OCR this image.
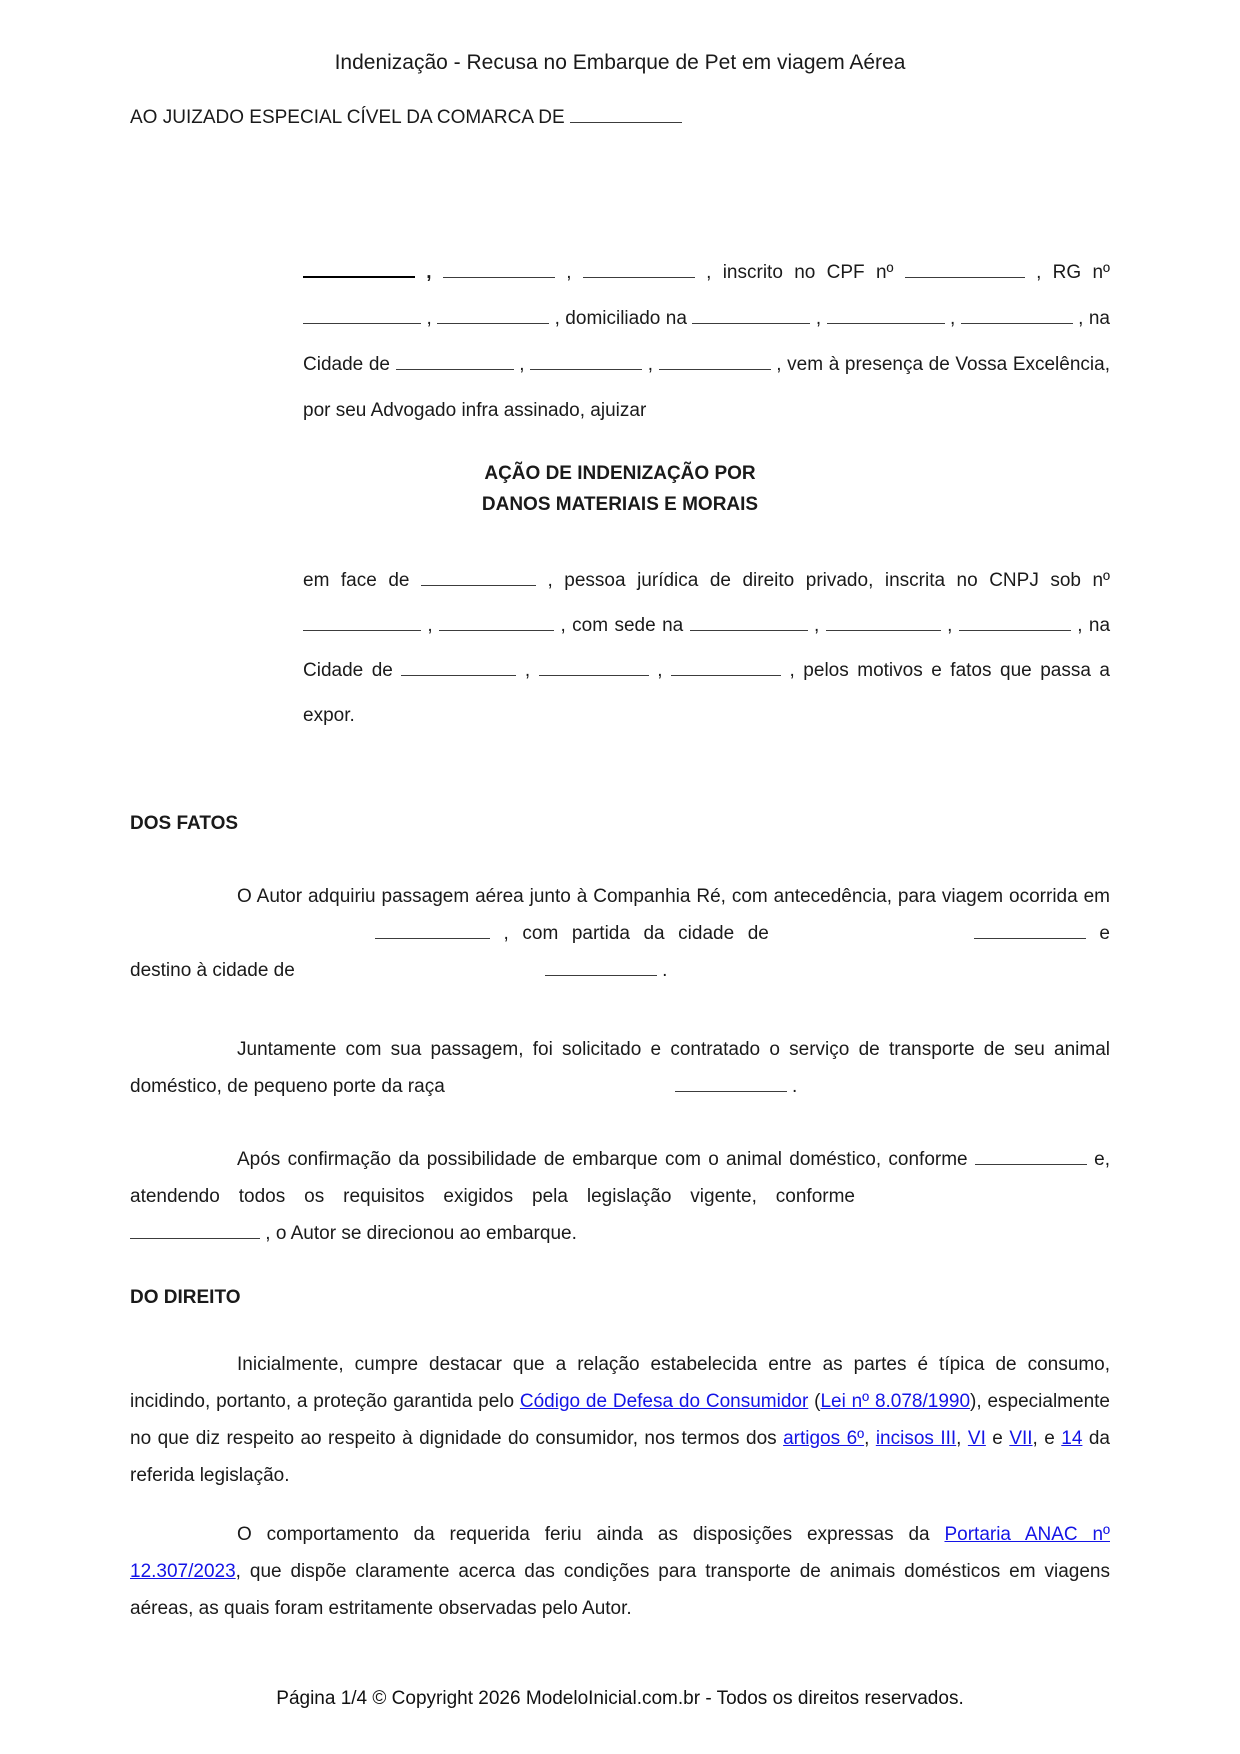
Indenização - Recusa no Embarque de Pet em viagem Aérea
AO JUIZADO ESPECIAL CÍVEL DA COMARCA DE
,	,	, inscrito no CPF nº	, RG nº  ,	, domiciliado na	,	,	, na Cidade de	,	,	, vem à presença de Vossa Excelência, por seu Advogado infra assinado, ajuizar
AÇÃO DE INDENIZAÇÃO POR
DANOS MATERIAIS E MORAIS
em face de	, pessoa jurídica de direito privado, inscrita no CNPJ sob nº  ,	, com sede na	,	,	, na Cidade de	,	,	, pelos motivos e fatos que passa a expor.
DOS FATOS
O Autor adquiriu passagem aérea junto à Companhia Ré, com antecedência, para viagem ocorrida em , com partida da cidade de	e destino à cidade de	.
Juntamente com sua passagem, foi solicitado e contratado o serviço de transporte de seu animal doméstico, de pequeno porte da raça	.
Após confirmação da possibilidade de embarque com o animal doméstico, conforme	e, atendendo todos os requisitos exigidos pela legislação vigente, conforme , o Autor se direcionou ao embarque.
DO DIREITO
Inicialmente, cumpre destacar que a relação estabelecida entre as partes é típica de consumo, incidindo, portanto, a proteção garantida pelo Código de Defesa do Consumidor (Lei nº 8.078/1990), especialmente no que diz respeito ao respeito à dignidade do consumidor, nos termos dos artigos 6º, incisos III, VI e VII, e 14 da referida legislação.
O comportamento da requerida feriu ainda as disposições expressas da Portaria ANAC nº 12.307/2023, que dispõe claramente acerca das condições para transporte de animais domésticos em viagens aéreas, as quais foram estritamente observadas pelo Autor.
Página 1/4 © Copyright 2026 ModeloInicial.com.br - Todos os direitos reservados.
